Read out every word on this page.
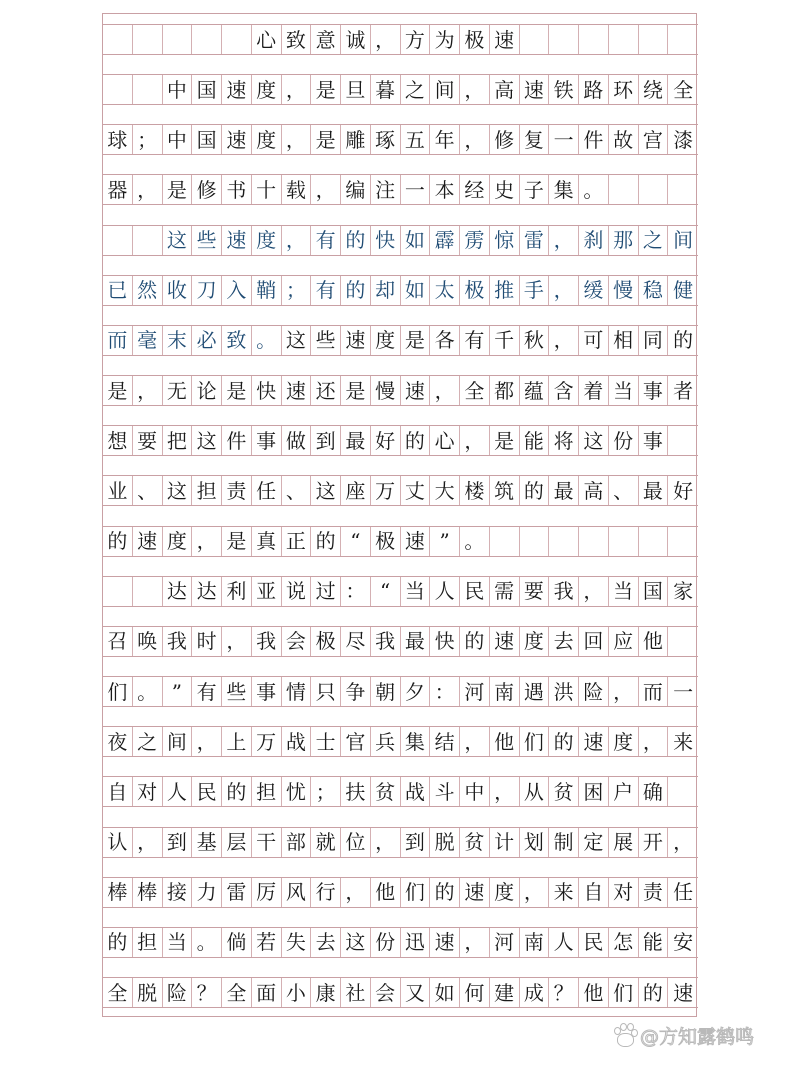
心 致 意 诚 ， 方 为 极 速
中 国 速 度 ， 是 旦 暮 之 间 ， 高 速 铁 路 环 绕 全
球 ； 中 国 速 度 ， 是 雕 琢 五 年 ， 修 复 一 件 故 宫 漆
器 ， 是 修 书 十 载 ， 编 注 一 本 经 史 子 集 。
这 些 速 度 ， 有 的 快 如 霹 雳 惊 雷 ， 刹 那 之 间
已 然 收 刀 入 鞘 ； 有 的 却 如 太 极 推 手 ， 缓 慢 稳 健
而 毫 末 必 致 。 这 些 速 度 是 各 有 千 秋 ， 可 相 同 的
是 ， 无 论 是 快 速 还 是 慢 速 ， 全 都 蕴 含 着 当 事 者
想 要 把 这 件 事 做 到 最 好 的 心 ， 是 能 将 这 份 事
业 、 这 担 责 任 、 这 座 万 丈 大 楼 筑 的 最 高 、 最 好
的 速 度 ， 是 真 正 的 “ 极 速 ” 。
达 达 利 亚 说 过 ： “ 当 人 民 需 要 我 ， 当 国 家
召 唤 我 时 ， 我 会 极 尽 我 最 快 的 速 度 去 回 应 他
们 。 ” 有 些 事 情 只 争 朝 夕 ： 河 南 遇 洪 险 ， 而 一
夜 之 间 ， 上 万 战 士 官 兵 集 结 ， 他 们 的 速 度 ， 来
自 对 人 民 的 担 忧 ； 扶 贫 战 斗 中 ， 从 贫 困 户 确
认 ， 到 基 层 干 部 就 位 ， 到 脱 贫 计 划 制 定 展 开 ，
棒 棒 接 力 雷 厉 风 行 ， 他 们 的 速 度 ， 来 自 对 责 任
的 担 当 。 倘 若 失 去 这 份 迅 速 ， 河 南 人 民 怎 能 安
全 脱 险 ？ 全 面 小 康 社 会 又 如 何 建 成 ？ 他 们 的 速
@方知露鹤鸣
